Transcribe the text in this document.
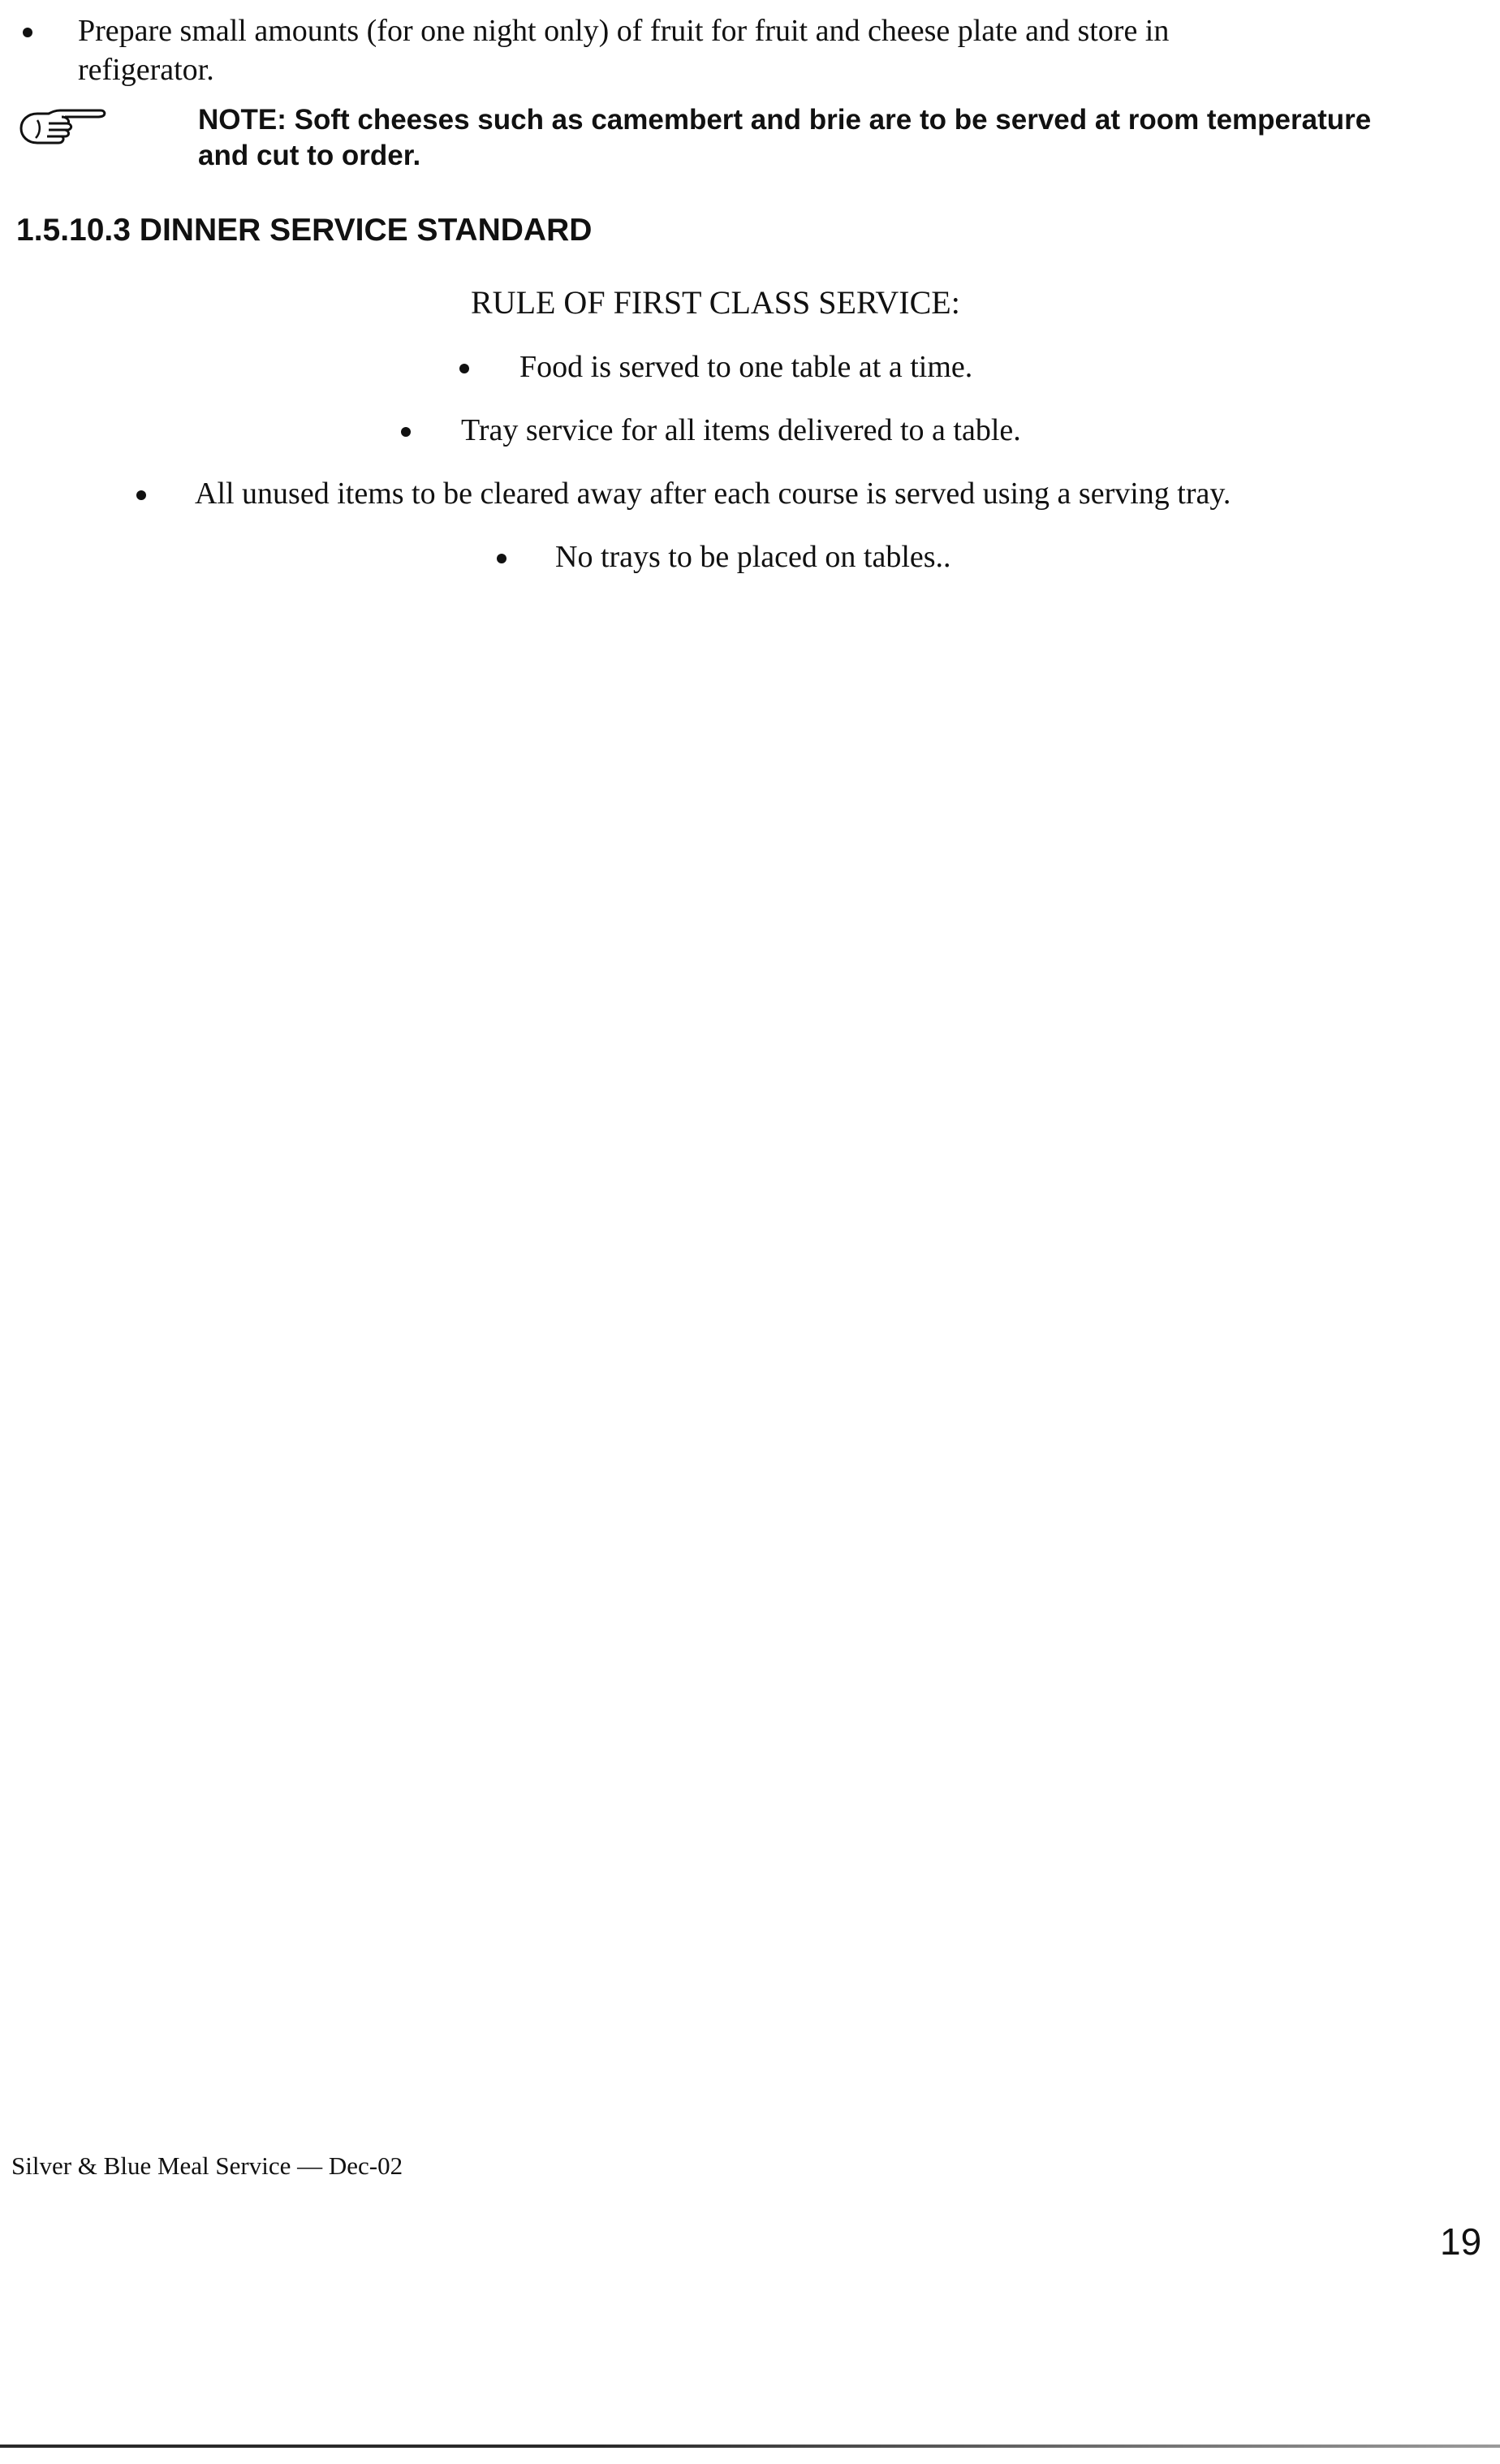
Prepare small amounts (for one night only) of fruit for fruit and cheese plate and store in

refigerator.

NOTE: Soft cheeses such as camembert and brie are to be served at room temperature

and cut to order.

1.5.10.3 DINNER SERVICE STANDARD
RULE OF FIRST CLASS SERVICE:

Food is served to one table at a time.

Tray service for all items delivered to a table.

All unused items to be cleared away after each course is served using a serving tray.

No trays to be placed on tables..

Silver & Blue Meal Service — Dec-02

19
